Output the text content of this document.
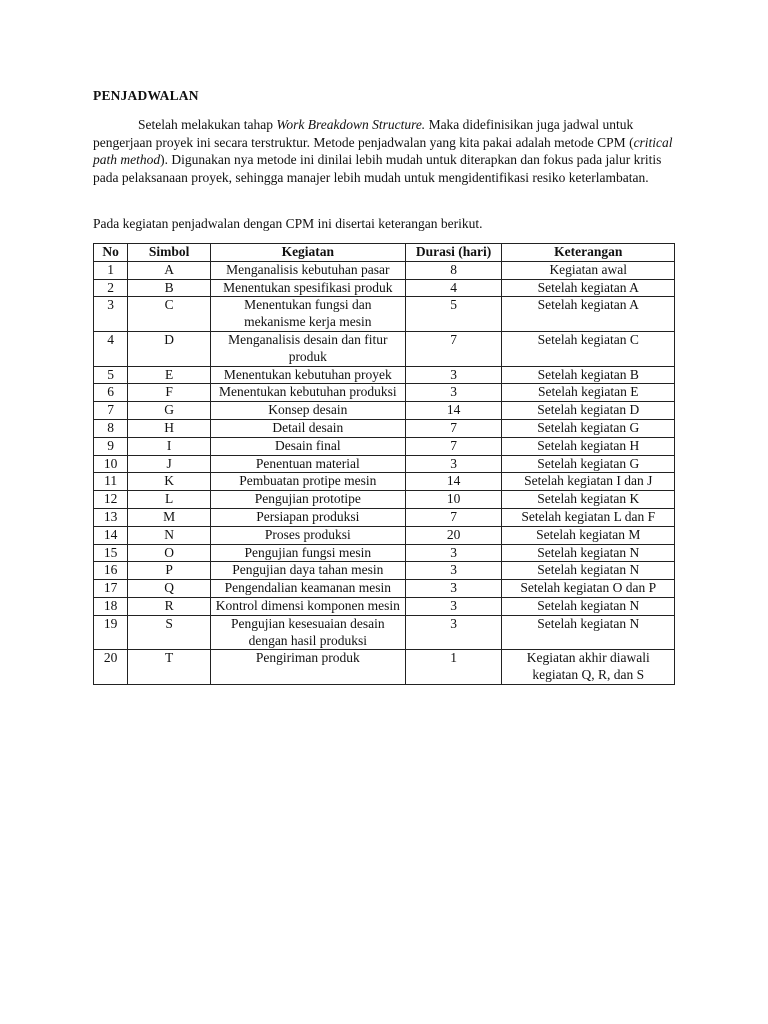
PENJADWALAN

Setelah melakukan tahap Work Breakdown Structure. Maka didefinisikan juga jadwal untuk pengerjaan proyek ini secara terstruktur. Metode penjadwalan yang kita pakai adalah metode CPM (critical path method). Digunakan nya metode ini dinilai lebih mudah untuk diterapkan dan fokus pada jalur kritis pada pelaksanaan proyek, sehingga manajer lebih mudah untuk mengidentifikasi resiko keterlambatan.

Pada kegiatan penjadwalan dengan CPM ini disertai keterangan berikut.

No	Simbol	Kegiatan	Durasi (hari)	Keterangan
1	A	Menganalisis kebutuhan pasar	8	Kegiatan awal
2	B	Menentukan spesifikasi produk	4	Setelah kegiatan A
3	C	Menentukan fungsi dan mekanisme kerja mesin	5	Setelah kegiatan A
4	D	Menganalisis desain dan fitur produk	7	Setelah kegiatan C
5	E	Menentukan kebutuhan proyek	3	Setelah kegiatan B
6	F	Menentukan kebutuhan produksi	3	Setelah kegiatan E
7	G	Konsep desain	14	Setelah kegiatan D
8	H	Detail desain	7	Setelah kegiatan G
9	I	Desain final	7	Setelah kegiatan H
10	J	Penentuan material	3	Setelah kegiatan G
11	K	Pembuatan protipe mesin	14	Setelah kegiatan I dan J
12	L	Pengujian prototipe	10	Setelah kegiatan K
13	M	Persiapan produksi	7	Setelah kegiatan L dan F
14	N	Proses produksi	20	Setelah kegiatan M
15	O	Pengujian fungsi mesin	3	Setelah kegiatan N
16	P	Pengujian daya tahan mesin	3	Setelah kegiatan N
17	Q	Pengendalian keamanan mesin	3	Setelah kegiatan O dan P
18	R	Kontrol dimensi komponen mesin	3	Setelah kegiatan N
19	S	Pengujian kesesuaian desain dengan hasil produksi	3	Setelah kegiatan N
20	T	Pengiriman produk	1	Kegiatan akhir diawali kegiatan Q, R, dan S
